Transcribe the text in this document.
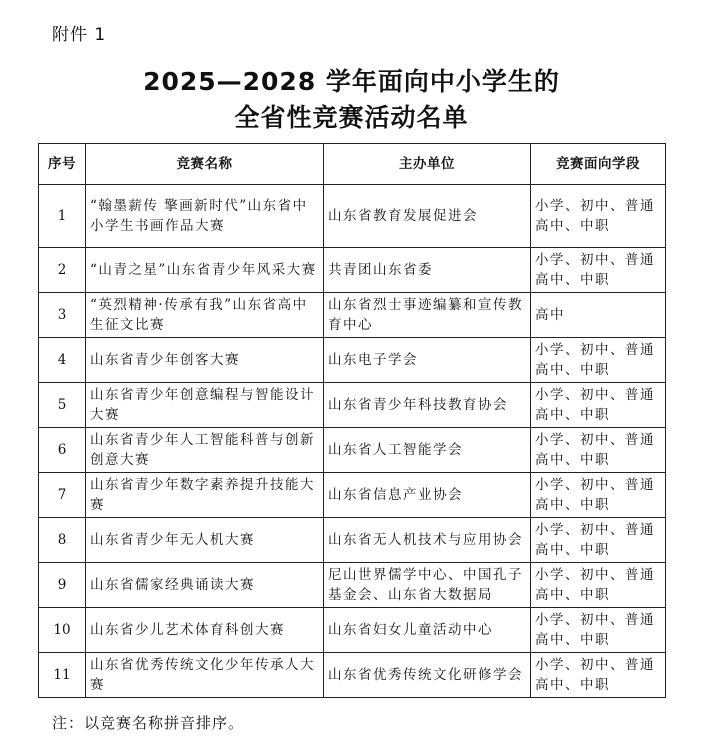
附件 1
2025—2028 学年面向中小学生的
全省性竞赛活动名单
序号	竞赛名称	主办单位	竞赛面向学段
1	“翰墨薪传 擎画新时代”山东省中小学生书画作品大赛	山东省教育发展促进会	小学、初中、普通高中、中职
2	“山青之星”山东省青少年风采大赛	共青团山东省委	小学、初中、普通高中、中职
3	“英烈精神·传承有我”山东省高中生征文比赛	山东省烈士事迹编纂和宣传教育中心	高中
4	山东省青少年创客大赛	山东电子学会	小学、初中、普通高中、中职
5	山东省青少年创意编程与智能设计大赛	山东省青少年科技教育协会	小学、初中、普通高中、中职
6	山东省青少年人工智能科普与创新创意大赛	山东省人工智能学会	小学、初中、普通高中、中职
7	山东省青少年数字素养提升技能大赛	山东省信息产业协会	小学、初中、普通高中、中职
8	山东省青少年无人机大赛	山东省无人机技术与应用协会	小学、初中、普通高中、中职
9	山东省儒家经典诵读大赛	尼山世界儒学中心、中国孔子基金会、山东省大数据局	小学、初中、普通高中、中职
10	山东省少儿艺术体育科创大赛	山东省妇女儿童活动中心	小学、初中、普通高中、中职
11	山东省优秀传统文化少年传承人大赛	山东省优秀传统文化研修学会	小学、初中、普通高中、中职
注：以竞赛名称拼音排序。
